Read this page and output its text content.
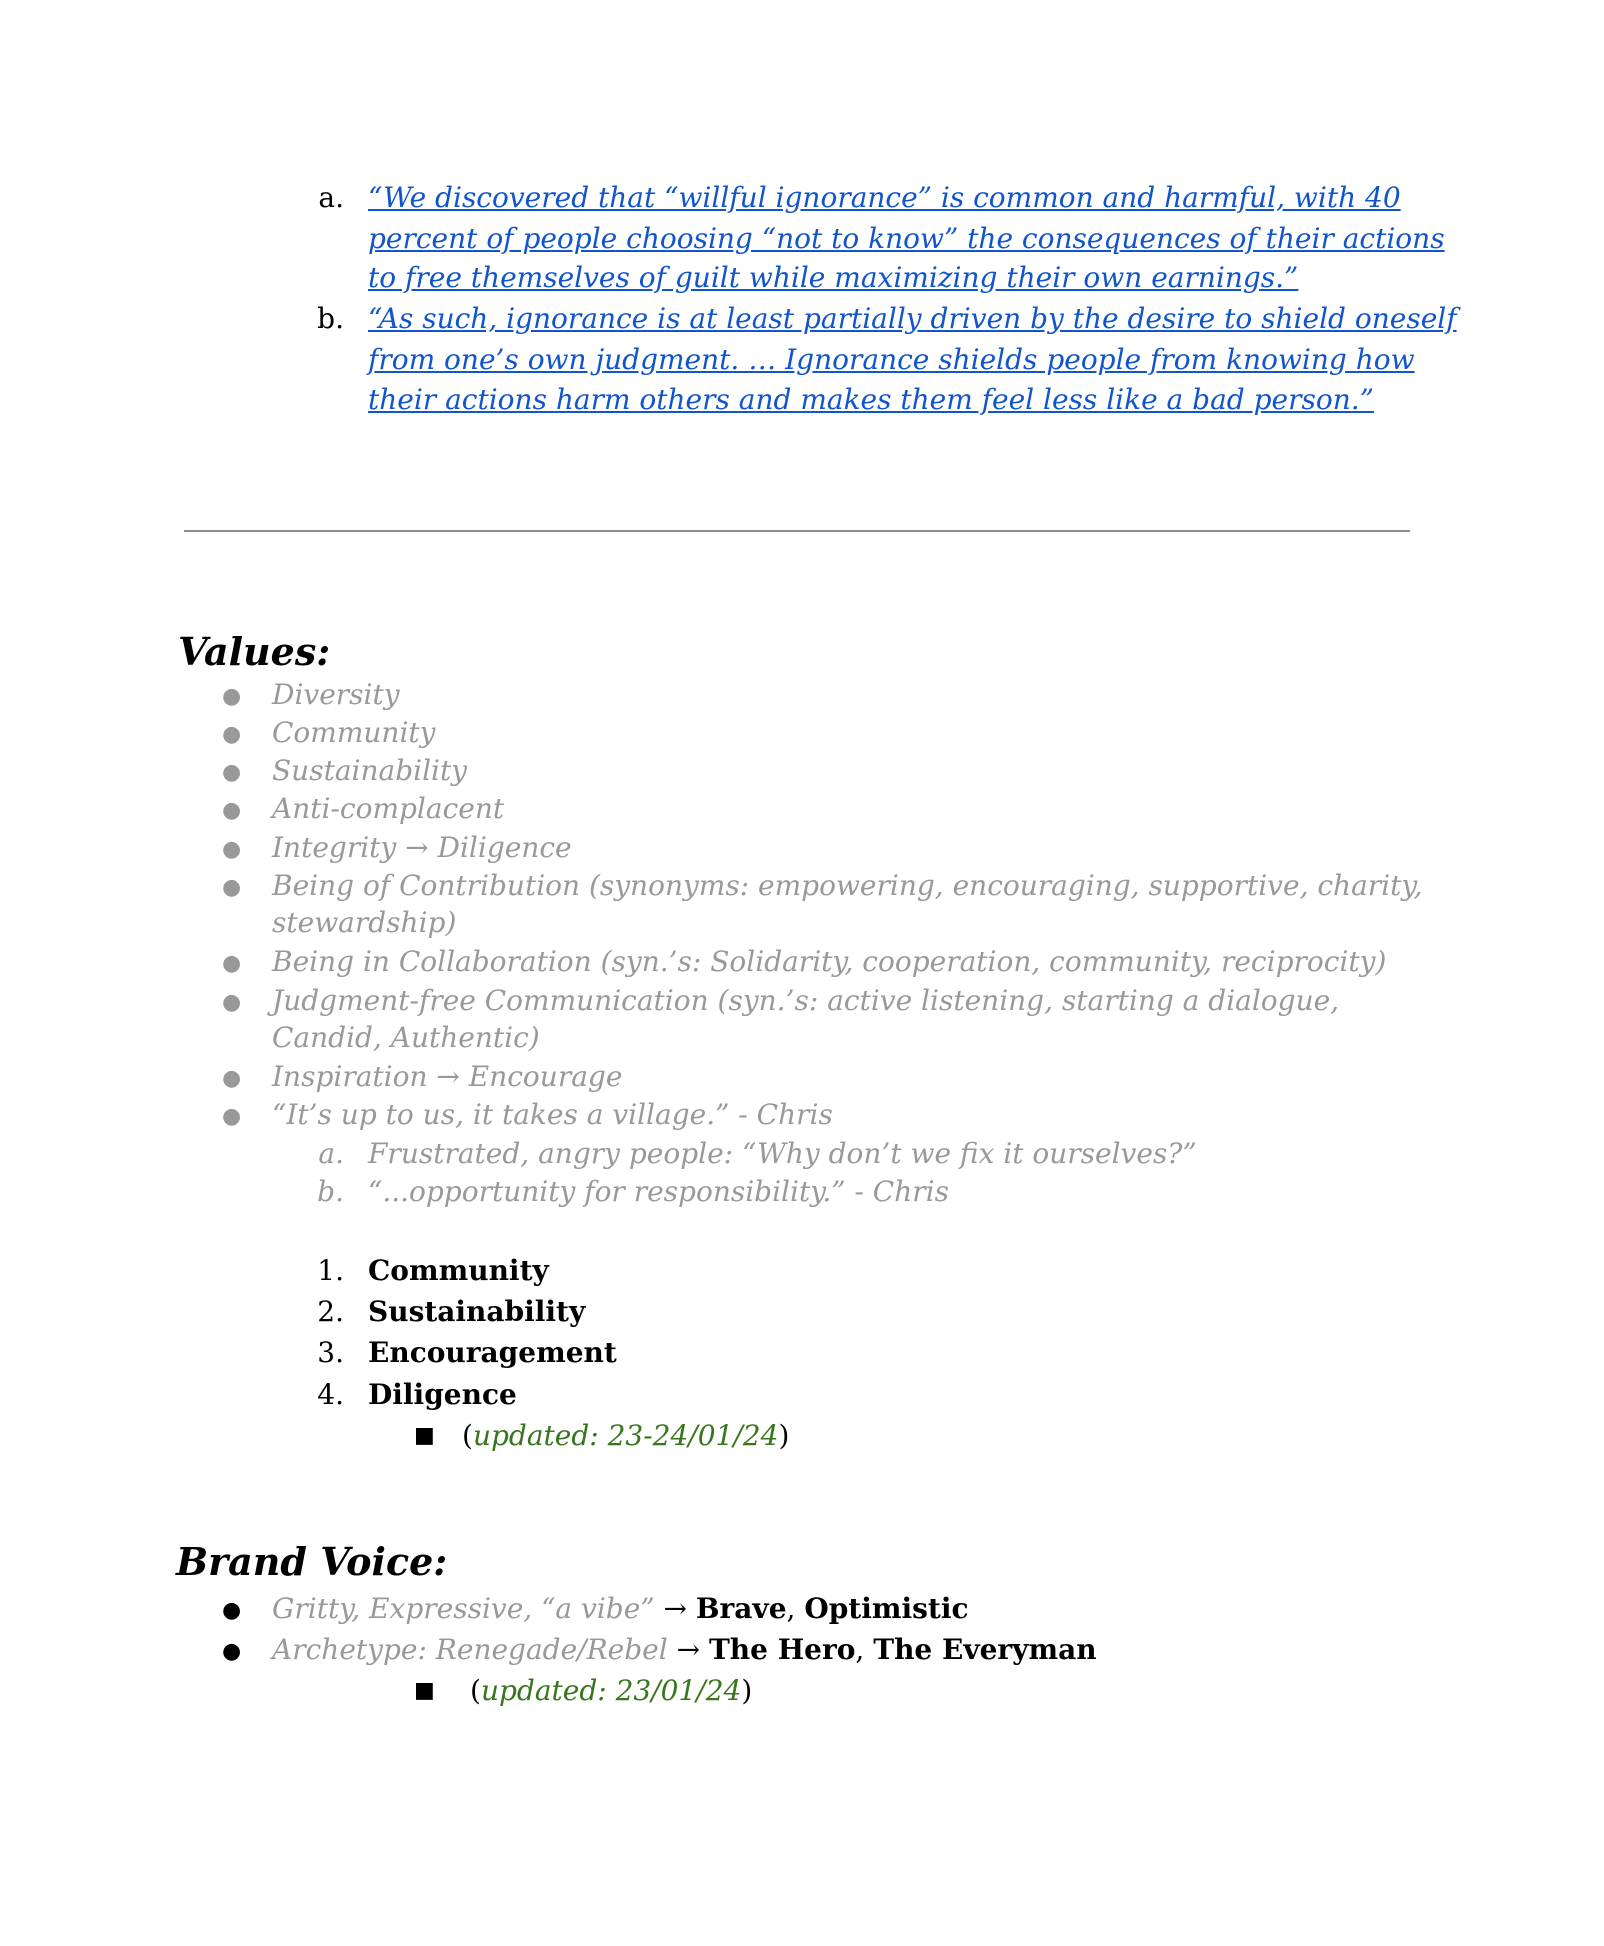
a. “We discovered that “willful ignorance” is common and harmful, with 40
percent of people choosing “not to know” the consequences of their actions
to free themselves of guilt while maximizing their own earnings.”
b. “As such, ignorance is at least partially driven by the desire to shield oneself
from one’s own judgment. … Ignorance shields people from knowing how
their actions harm others and makes them feel less like a bad person.”
Values:
● Diversity
● Community
● Sustainability
● Anti-complacent
● Integrity → Diligence
● Being of Contribution (synonyms: empowering, encouraging, supportive, charity,
stewardship)
● Being in Collaboration (syn.’s: Solidarity, cooperation, community, reciprocity)
● Judgment-free Communication (syn.’s: active listening, starting a dialogue,
Candid, Authentic)
● Inspiration → Encourage
● “It’s up to us, it takes a village.” - Chris
a. Frustrated, angry people: “Why don’t we fix it ourselves?”
b. “...opportunity for responsibility.” - Chris
1. Community
2. Sustainability
3. Encouragement
4. Diligence
■ (updated: 23-24/01/24)
Brand Voice:
● Gritty, Expressive, “a vibe” → Brave, Optimistic
● Archetype: Renegade/Rebel → The Hero, The Everyman
■ (updated: 23/01/24)
